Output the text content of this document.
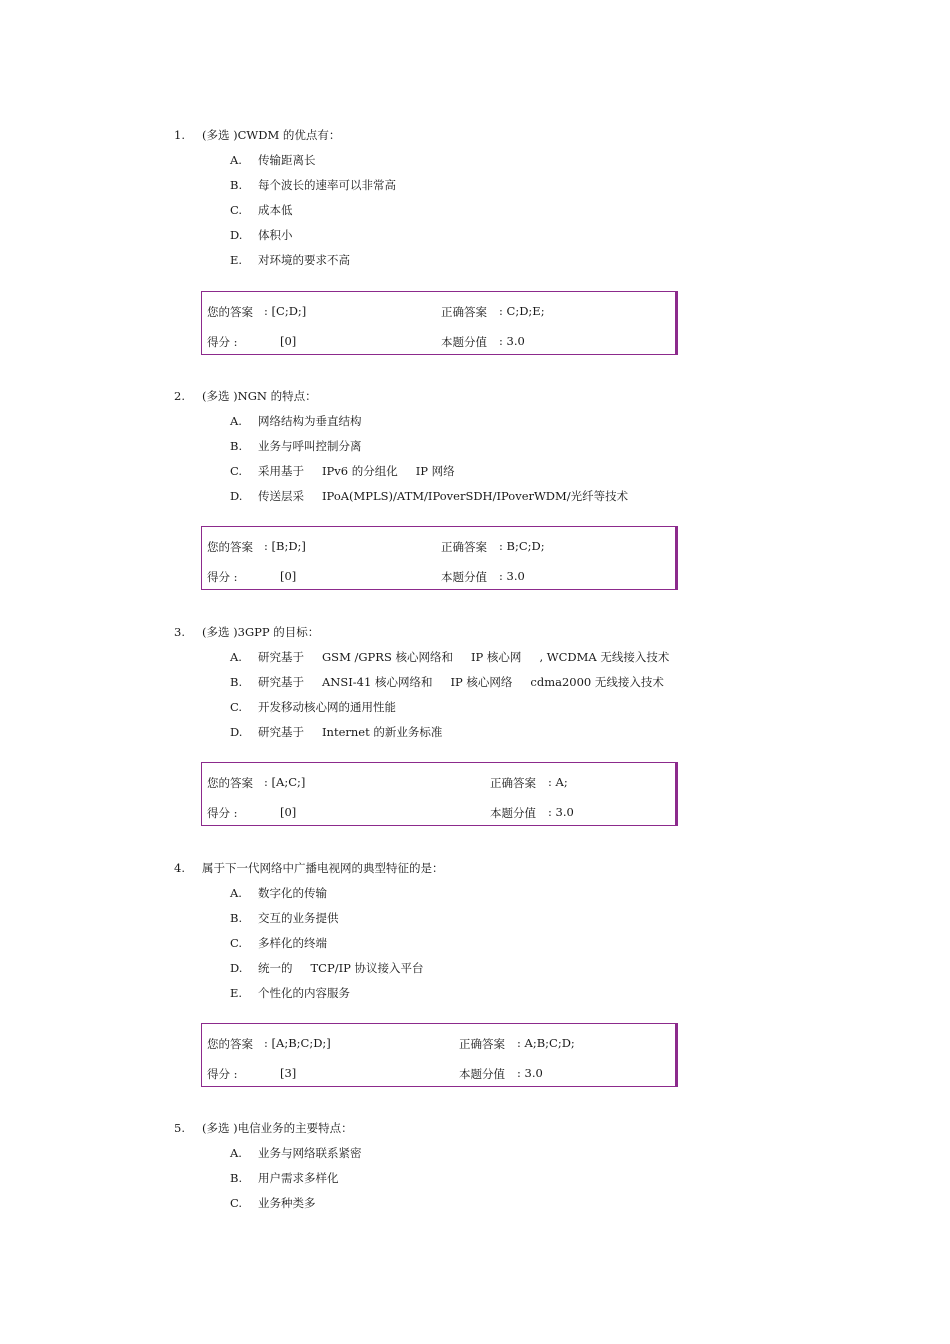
1. (多选 )CWDM 的优点有：
A. 传输距离长
B. 每个波长的速率可以非常高
C. 成本低
D. 体积小
E. 对环境的要求不高
您的答案 : [C;D;]	正确答案 : C;D;E;
得分 :	[0]	本题分值 : 3.0
2. (多选 )NGN 的特点：
A. 网络结构为垂直结构
B. 业务与呼叫控制分离
C. 采用基于 IPv6 的分组化 IP 网络
D. 传送层采 IPoA(MPLS)/ATM/IPoverSDH/IPoverWDM/光纤等技术
您的答案 : [B;D;]	正确答案 : B;C;D;
得分 :	[0]	本题分值 : 3.0
3. (多选 )3GPP 的目标：
A. 研究基于 GSM /GPRS 核心网络和 IP 核心网 , WCDMA 无线接入技术
B. 研究基于 ANSI-41 核心网络和 IP 核心网络 cdma2000 无线接入技术
C. 开发移动核心网的通用性能
D. 研究基于 Internet 的新业务标准
您的答案 : [A;C;]	正确答案 : A;
得分 :	[0]	本题分值 : 3.0
4. 属于下一代网络中广播电视网的典型特征的是：
A. 数字化的传输
B. 交互的业务提供
C. 多样化的终端
D. 统一的 TCP/IP 协议接入平台
E. 个性化的内容服务
您的答案 : [A;B;C;D;]	正确答案 : A;B;C;D;
得分 :	[3]	本题分值 : 3.0
5. (多选 )电信业务的主要特点：
A. 业务与网络联系紧密
B. 用户需求多样化
C. 业务种类多
